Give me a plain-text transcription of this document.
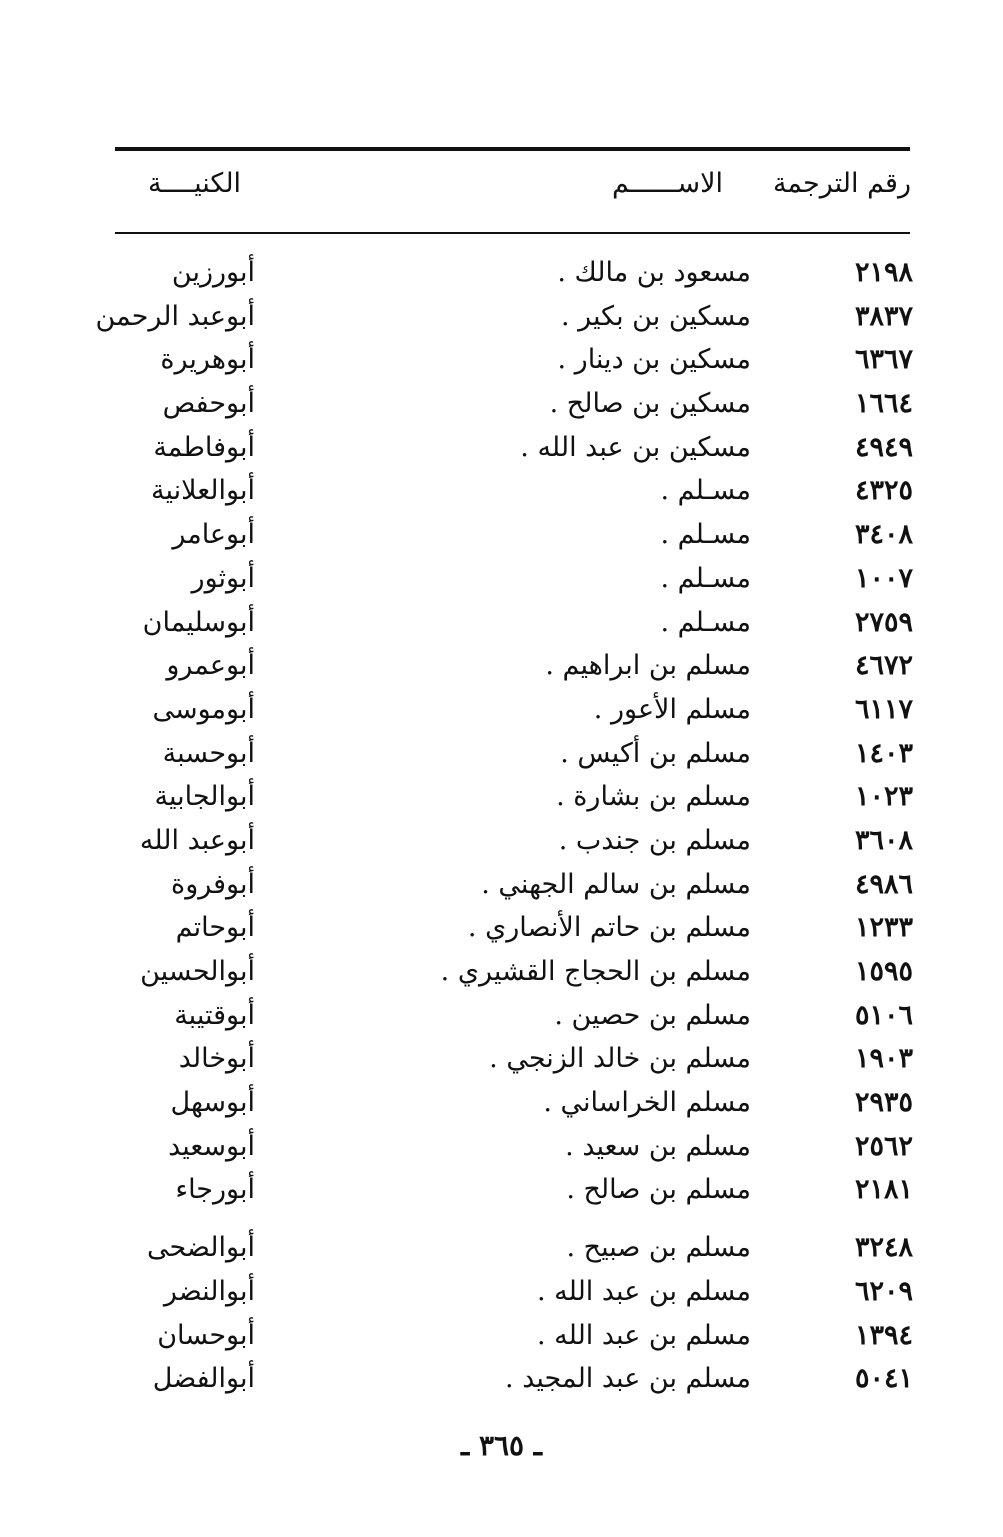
رقم الترجمة
الاســــــم
الكنيــــة
٢١٩٨
مسعود بن مالك .
أبورزين
٣٨٣٧
مسكين بن بكير .
أبوعبد الرحمن
٦٣٦٧
مسكين بن دينار .
أبوهريرة
١٦٦٤
مسكين بن صالح .
أبوحفص
٤٩٤٩
مسكين بن عبد الله .
أبوفاطمة
٤٣٢٥
مسـلم .
أبوالعلانية
٣٤٠٨
مسـلم .
أبوعامر
١٠٠٧
مسـلم .
أبوثور
٢٧٥٩
مسـلم .
أبوسليمان
٤٦٧٢
مسلم بن ابراهيم .
أبوعمرو
٦١١٧
مسلم الأعور .
أبوموسى
١٤٠٣
مسلم بن أكيس .
أبوحسبة
١٠٢٣
مسلم بن بشارة .
أبوالجابية
٣٦٠٨
مسلم بن جندب .
أبوعبد الله
٤٩٨٦
مسلم بن سالم الجهني .
أبوفروة
١٢٣٣
مسلم بن حاتم الأنصاري .
أبوحاتم
١٥٩٥
مسلم بن الحجاج القشيري .
أبوالحسين
٥١٠٦
مسلم بن حصين .
أبوقتيبة
١٩٠٣
مسلم بن خالد الزنجي .
أبوخالد
٢٩٣٥
مسلم الخراساني .
أبوسهل
٢٥٦٢
مسلم بن سعيد .
أبوسعيد
٢١٨١
مسلم بن صالح .
أبورجاء
٣٢٤٨
مسلم بن صبيح .
أبوالضحى
٦٢٠٩
مسلم بن عبد الله .
أبوالنضر
١٣٩٤
مسلم بن عبد الله .
أبوحسان
٥٠٤١
مسلم بن عبد المجيد .
أبوالفضل
ـ ٣٦٥ ـ
